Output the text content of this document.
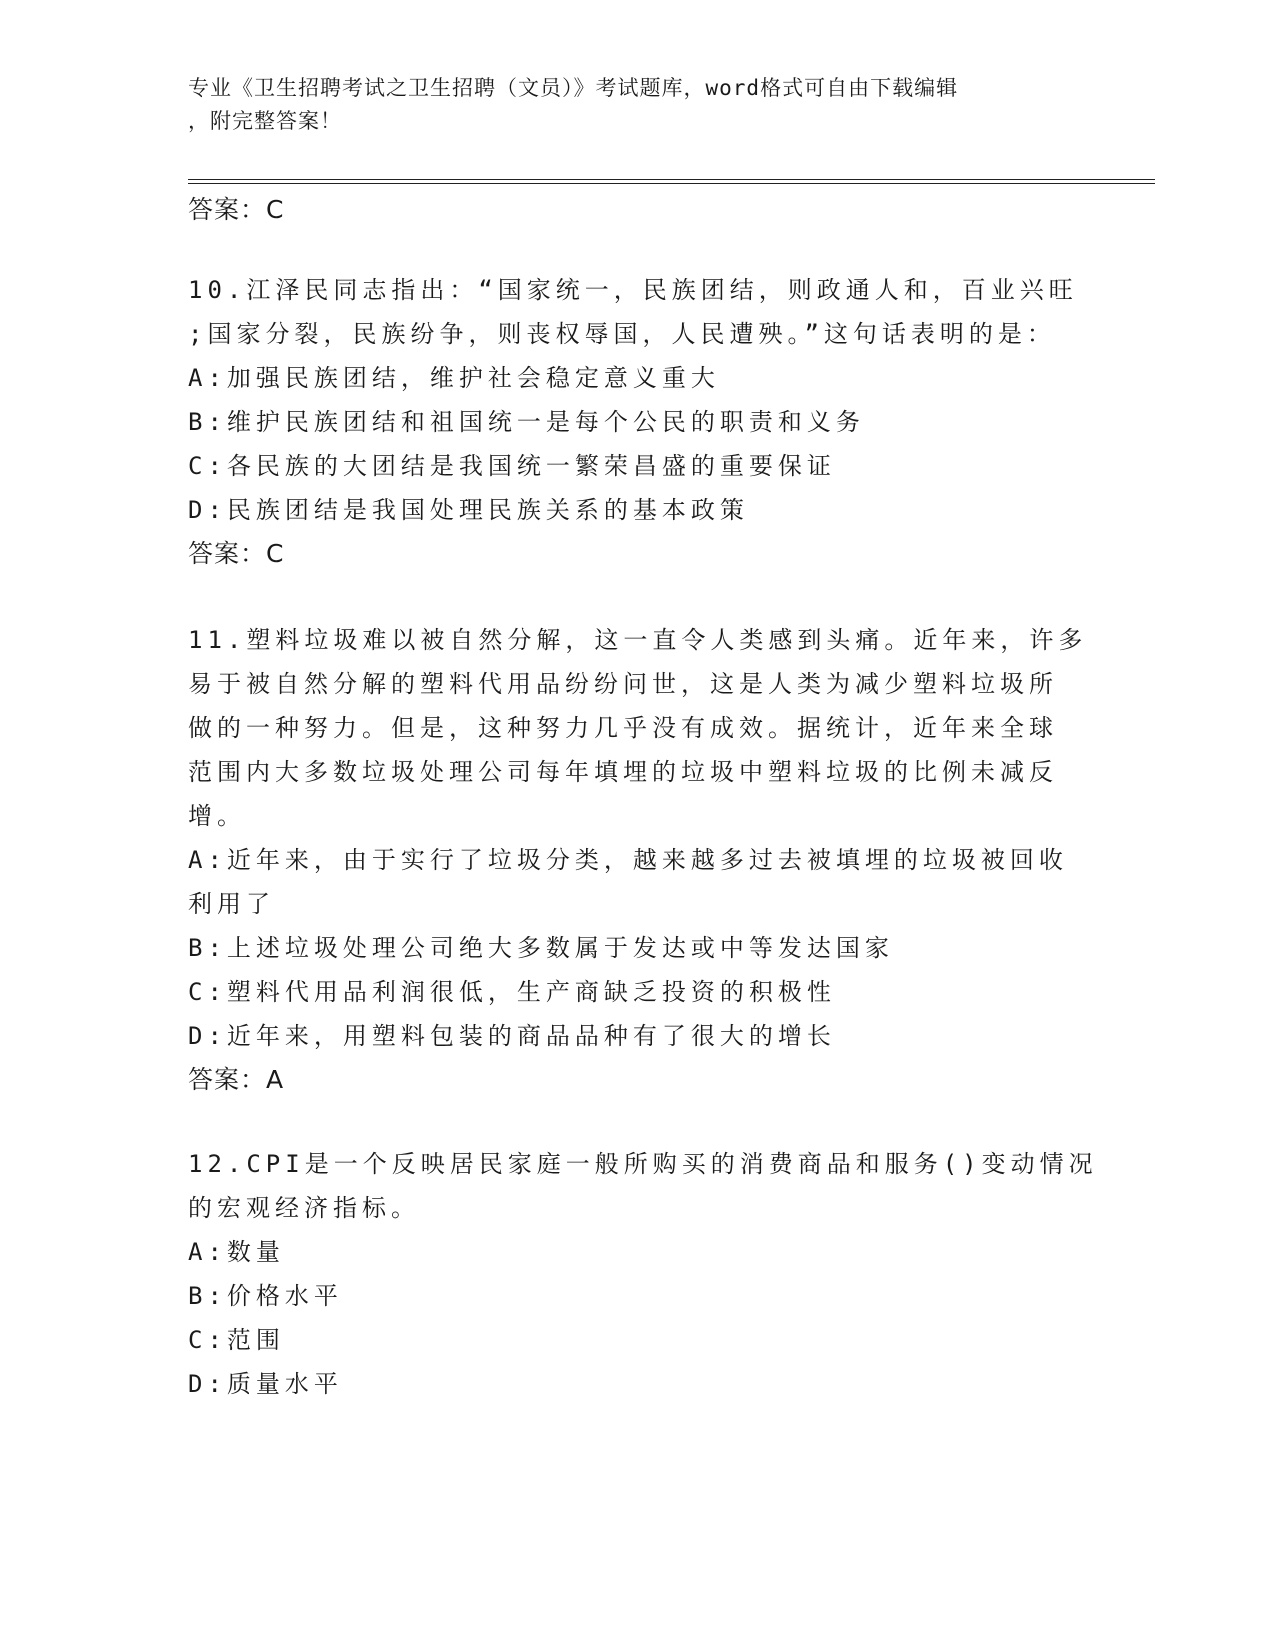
专业《卫生招聘考试之卫生招聘（文员）》考试题库，word格式可自由下载编辑
，附完整答案！
答案：C
10.江泽民同志指出：“国家统一，民族团结，则政通人和，百业兴旺
;国家分裂，民族纷争，则丧权辱国，人民遭殃。”这句话表明的是：
A:加强民族团结，维护社会稳定意义重大
B:维护民族团结和祖国统一是每个公民的职责和义务
C:各民族的大团结是我国统一繁荣昌盛的重要保证
D:民族团结是我国处理民族关系的基本政策
答案：C
11.塑料垃圾难以被自然分解，这一直令人类感到头痛。近年来，许多
易于被自然分解的塑料代用品纷纷问世，这是人类为减少塑料垃圾所
做的一种努力。但是，这种努力几乎没有成效。据统计，近年来全球
范围内大多数垃圾处理公司每年填埋的垃圾中塑料垃圾的比例未减反
增。
A:近年来，由于实行了垃圾分类，越来越多过去被填埋的垃圾被回收
利用了
B:上述垃圾处理公司绝大多数属于发达或中等发达国家
C:塑料代用品利润很低，生产商缺乏投资的积极性
D:近年来，用塑料包装的商品品种有了很大的增长
答案：A
12.CPI是一个反映居民家庭一般所购买的消费商品和服务()变动情况
的宏观经济指标。
A:数量
B:价格水平
C:范围
D:质量水平
